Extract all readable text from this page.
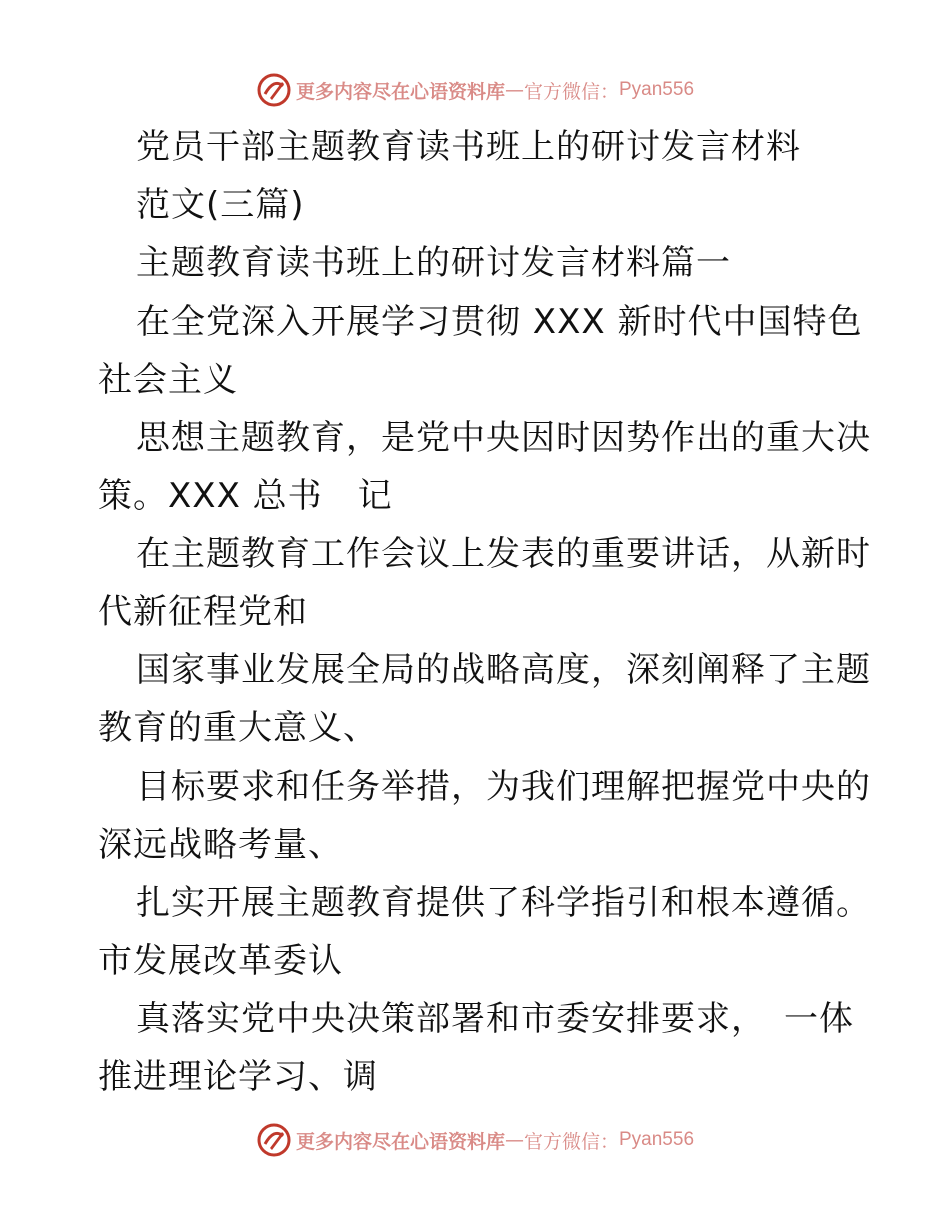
更多内容尽在心语资料库 — 官方微信： Pyan556
党员干部主题教育读书班上的研讨发言材料
范文(三篇)
主题教育读书班上的研讨发言材料篇一
在全党深入开展学习贯彻 XXX 新时代中国特色
社会主义
思想主题教育，是党中央因时因势作出的重大决
策。XXX 总书　记
在主题教育工作会议上发表的重要讲话，从新时
代新征程党和
国家事业发展全局的战略高度，深刻阐释了主题
教育的重大意义、
目标要求和任务举措，为我们理解把握党中央的
深远战略考量、
扎实开展主题教育提供了科学指引和根本遵循。
市发展改革委认
真落实党中央决策部署和市委安排要求，　一体
推进理论学习、调
更多内容尽在心语资料库 — 官方微信： Pyan556
